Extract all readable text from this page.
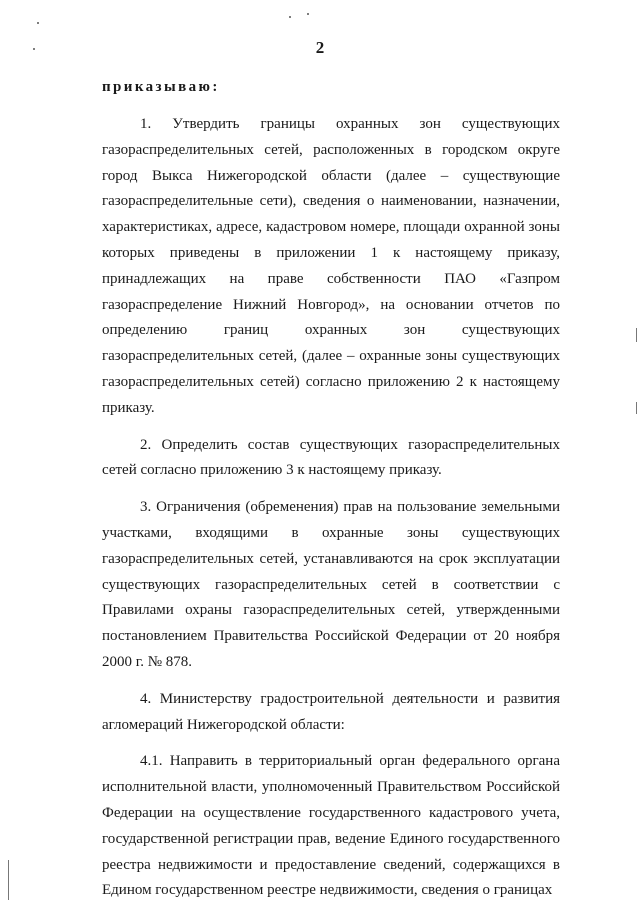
2
приказываю:

1. Утвердить границы охранных зон существующих газораспределительных сетей, расположенных в городском округе город Выкса Нижегородской области (далее – существующие газораспределительные сети), сведения о наименовании, назначении, характеристиках, адресе, кадастровом номере, площади охранной зоны которых приведены в приложении 1 к настоящему приказу, принадлежащих на праве собственности ПАО «Газпром газораспределение Нижний Новгород», на основании отчетов по определению границ охранных зон существующих газораспределительных сетей, (далее – охранные зоны существующих газораспределительных сетей) согласно приложению 2 к настоящему приказу.

2. Определить состав существующих газораспределительных сетей согласно приложению 3 к настоящему приказу.

3. Ограничения (обременения) прав на пользование земельными участками, входящими в охранные зоны существующих газораспределительных сетей, устанавливаются на срок эксплуатации существующих газораспределительных сетей в соответствии с Правилами охраны газораспределительных сетей, утвержденными постановлением Правительства Российской Федерации от 20 ноября 2000 г. № 878.

4. Министерству градостроительной деятельности и развития агломераций Нижегородской области:

4.1. Направить в территориальный орган федерального органа исполнительной власти, уполномоченный Правительством Российской Федерации на осуществление государственного кадастрового учета, государственной регистрации прав, ведение Единого государственного реестра недвижимости и предоставление сведений, содержащихся в Едином государственном реестре недвижимости, сведения о границах
